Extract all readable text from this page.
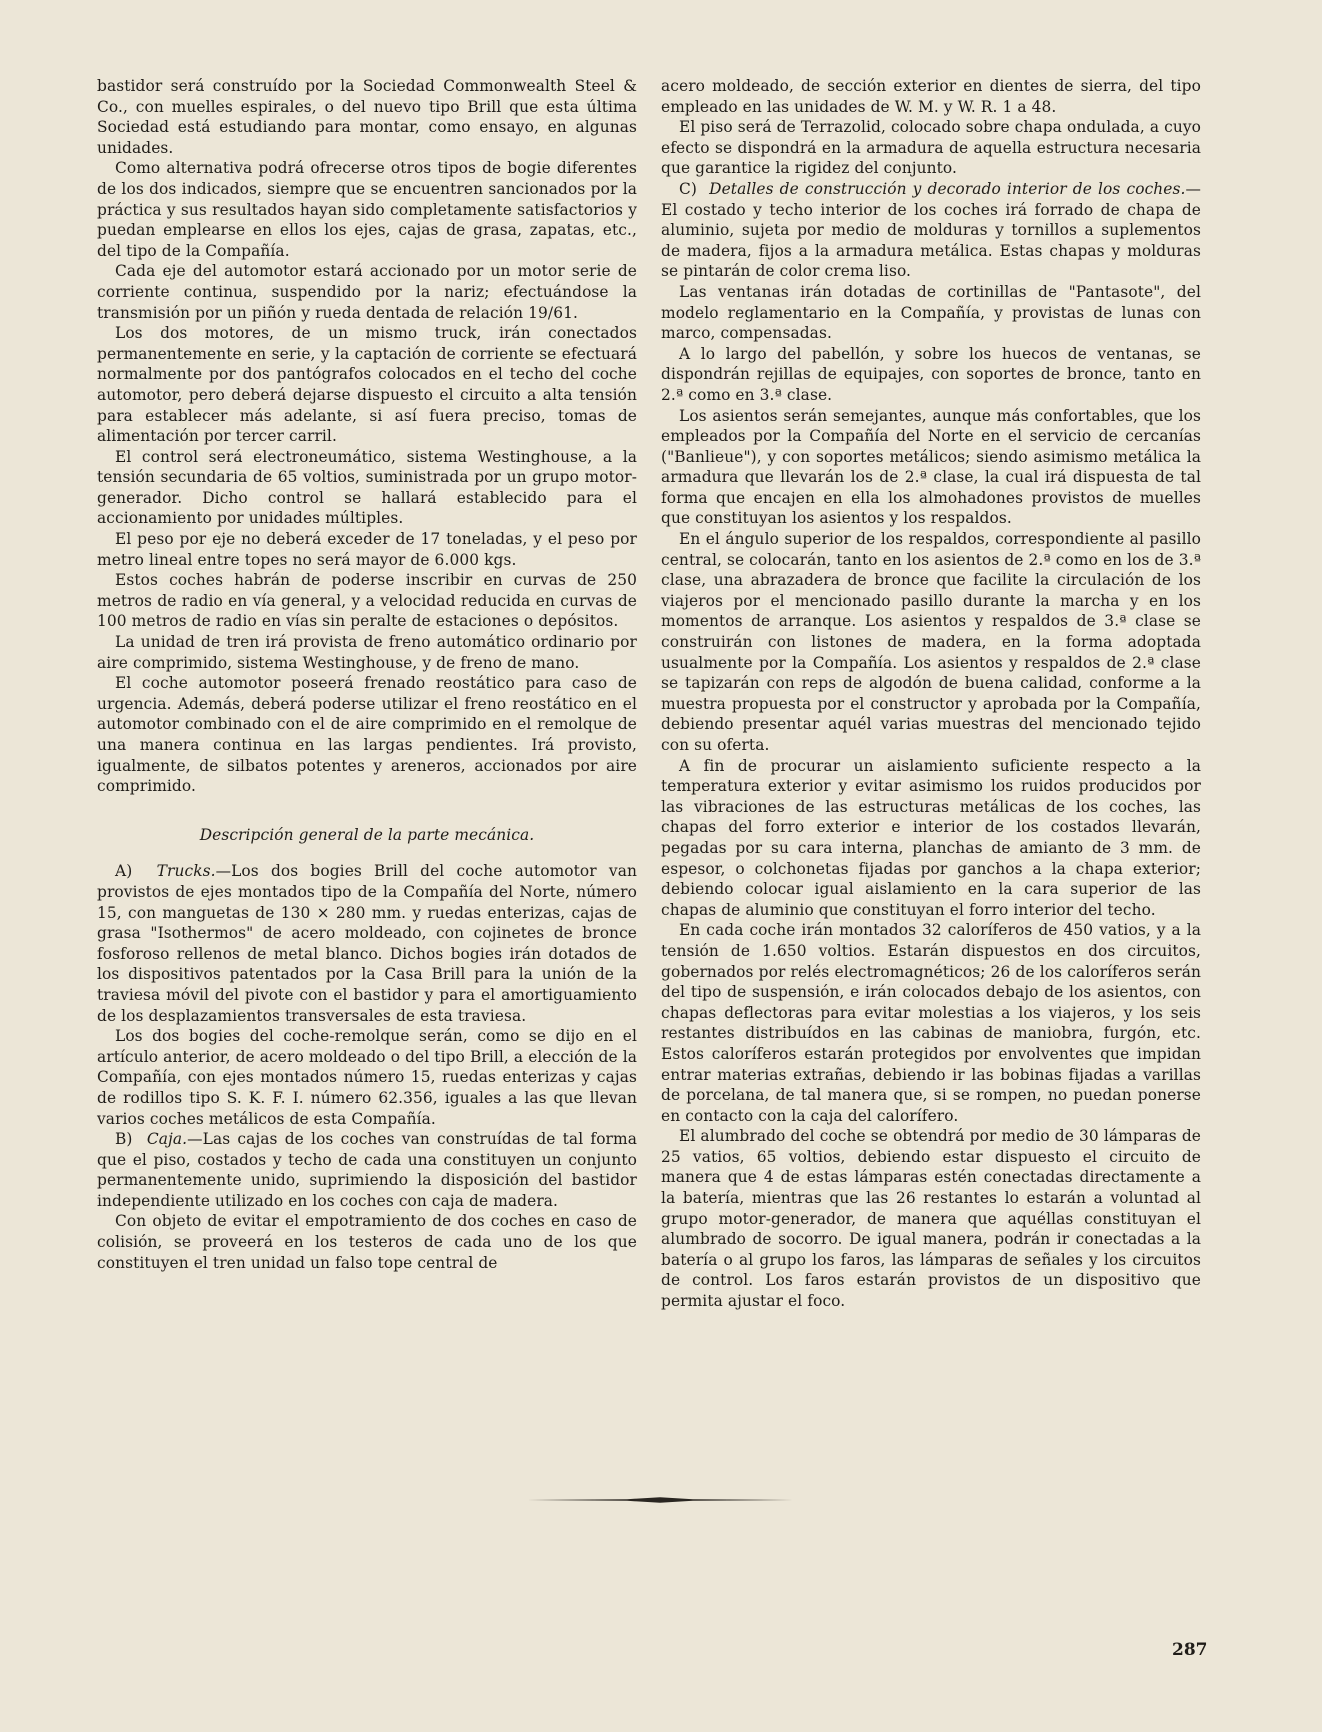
bastidor será construído por la Sociedad Commonwealth Steel & Co., con muelles espirales, o del nuevo tipo Brill que esta última Sociedad está estudiando para montar, como ensayo, en algunas unidades.

Como alternativa podrá ofrecerse otros tipos de bogie diferentes de los dos indicados, siempre que se encuentren sancionados por la práctica y sus resultados hayan sido completamente satisfactorios y puedan emplearse en ellos los ejes, cajas de grasa, zapatas, etc., del tipo de la Compañía.

Cada eje del automotor estará accionado por un motor serie de corriente continua, suspendido por la nariz; efectuándose la transmisión por un piñón y rueda dentada de relación 19/61.

Los dos motores, de un mismo truck, irán conectados permanentemente en serie, y la captación de corriente se efectuará normalmente por dos pantógrafos colocados en el techo del coche automotor, pero deberá dejarse dispuesto el circuito a alta tensión para establecer más adelante, si así fuera preciso, tomas de alimentación por tercer carril.

El control será electroneumático, sistema Westinghouse, a la tensión secundaria de 65 voltios, suministrada por un grupo motor-generador. Dicho control se hallará establecido para el accionamiento por unidades múltiples.

El peso por eje no deberá exceder de 17 toneladas, y el peso por metro lineal entre topes no será mayor de 6.000 kgs.

Estos coches habrán de poderse inscribir en curvas de 250 metros de radio en vía general, y a velocidad reducida en curvas de 100 metros de radio en vías sin peralte de estaciones o depósitos.

La unidad de tren irá provista de freno automático ordinario por aire comprimido, sistema Westinghouse, y de freno de mano.

El coche automotor poseerá frenado reostático para caso de urgencia. Además, deberá poderse utilizar el freno reostático en el automotor combinado con el de aire comprimido en el remolque de una manera continua en las largas pendientes. Irá provisto, igualmente, de silbatos potentes y areneros, accionados por aire comprimido.

Descripción general de la parte mecánica.

A) Trucks.—Los dos bogies Brill del coche automotor van provistos de ejes montados tipo de la Compañía del Norte, número 15, con manguetas de 130 × 280 mm. y ruedas enterizas, cajas de grasa "Isothermos" de acero moldeado, con cojinetes de bronce fosforoso rellenos de metal blanco. Dichos bogies irán dotados de los dispositivos patentados por la Casa Brill para la unión de la traviesa móvil del pivote con el bastidor y para el amortiguamiento de los desplazamientos transversales de esta traviesa.

Los dos bogies del coche-remolque serán, como se dijo en el artículo anterior, de acero moldeado o del tipo Brill, a elección de la Compañía, con ejes montados número 15, ruedas enterizas y cajas de rodillos tipo S. K. F. I. número 62.356, iguales a las que llevan varios coches metálicos de esta Compañía.

B) Caja.—Las cajas de los coches van construídas de tal forma que el piso, costados y techo de cada una constituyen un conjunto permanentemente unido, suprimiendo la disposición del bastidor independiente utilizado en los coches con caja de madera.

Con objeto de evitar el empotramiento de dos coches en caso de colisión, se proveerá en los testeros de cada uno de los que constituyen el tren unidad un falso tope central de

acero moldeado, de sección exterior en dientes de sierra, del tipo empleado en las unidades de W. M. y W. R. 1 a 48.

El piso será de Terrazolid, colocado sobre chapa ondulada, a cuyo efecto se dispondrá en la armadura de aquella estructura necesaria que garantice la rigidez del conjunto.

C) Detalles de construcción y decorado interior de los coches.—El costado y techo interior de los coches irá forrado de chapa de aluminio, sujeta por medio de molduras y tornillos a suplementos de madera, fijos a la armadura metálica. Estas chapas y molduras se pintarán de color crema liso.

Las ventanas irán dotadas de cortinillas de "Pantasote", del modelo reglamentario en la Compañía, y provistas de lunas con marco, compensadas.

A lo largo del pabellón, y sobre los huecos de ventanas, se dispondrán rejillas de equipajes, con soportes de bronce, tanto en 2.ª como en 3.ª clase.

Los asientos serán semejantes, aunque más confortables, que los empleados por la Compañía del Norte en el servicio de cercanías ("Banlieue"), y con soportes metálicos; siendo asimismo metálica la armadura que llevarán los de 2.ª clase, la cual irá dispuesta de tal forma que encajen en ella los almohadones provistos de muelles que constituyan los asientos y los respaldos.

En el ángulo superior de los respaldos, correspondiente al pasillo central, se colocarán, tanto en los asientos de 2.ª como en los de 3.ª clase, una abrazadera de bronce que facilite la circulación de los viajeros por el mencionado pasillo durante la marcha y en los momentos de arranque. Los asientos y respaldos de 3.ª clase se construirán con listones de madera, en la forma adoptada usualmente por la Compañía. Los asientos y respaldos de 2.ª clase se tapizarán con reps de algodón de buena calidad, conforme a la muestra propuesta por el constructor y aprobada por la Compañía, debiendo presentar aquél varias muestras del mencionado tejido con su oferta.

A fin de procurar un aislamiento suficiente respecto a la temperatura exterior y evitar asimismo los ruidos producidos por las vibraciones de las estructuras metálicas de los coches, las chapas del forro exterior e interior de los costados llevarán, pegadas por su cara interna, planchas de amianto de 3 mm. de espesor, o colchonetas fijadas por ganchos a la chapa exterior; debiendo colocar igual aislamiento en la cara superior de las chapas de aluminio que constituyan el forro interior del techo.

En cada coche irán montados 32 caloríferos de 450 vatios, y a la tensión de 1.650 voltios. Estarán dispuestos en dos circuitos, gobernados por relés electromagnéticos; 26 de los caloríferos serán del tipo de suspensión, e irán colocados debajo de los asientos, con chapas deflectoras para evitar molestias a los viajeros, y los seis restantes distribuídos en las cabinas de maniobra, furgón, etc. Estos caloríferos estarán protegidos por envolventes que impidan entrar materias extrañas, debiendo ir las bobinas fijadas a varillas de porcelana, de tal manera que, si se rompen, no puedan ponerse en contacto con la caja del calorífero.

El alumbrado del coche se obtendrá por medio de 30 lámparas de 25 vatios, 65 voltios, debiendo estar dispuesto el circuito de manera que 4 de estas lámparas estén conectadas directamente a la batería, mientras que las 26 restantes lo estarán a voluntad al grupo motor-generador, de manera que aquéllas constituyan el alumbrado de socorro. De igual manera, podrán ir conectadas a la batería o al grupo los faros, las lámparas de señales y los circuitos de control. Los faros estarán provistos de un dispositivo que permita ajustar el foco.

287
